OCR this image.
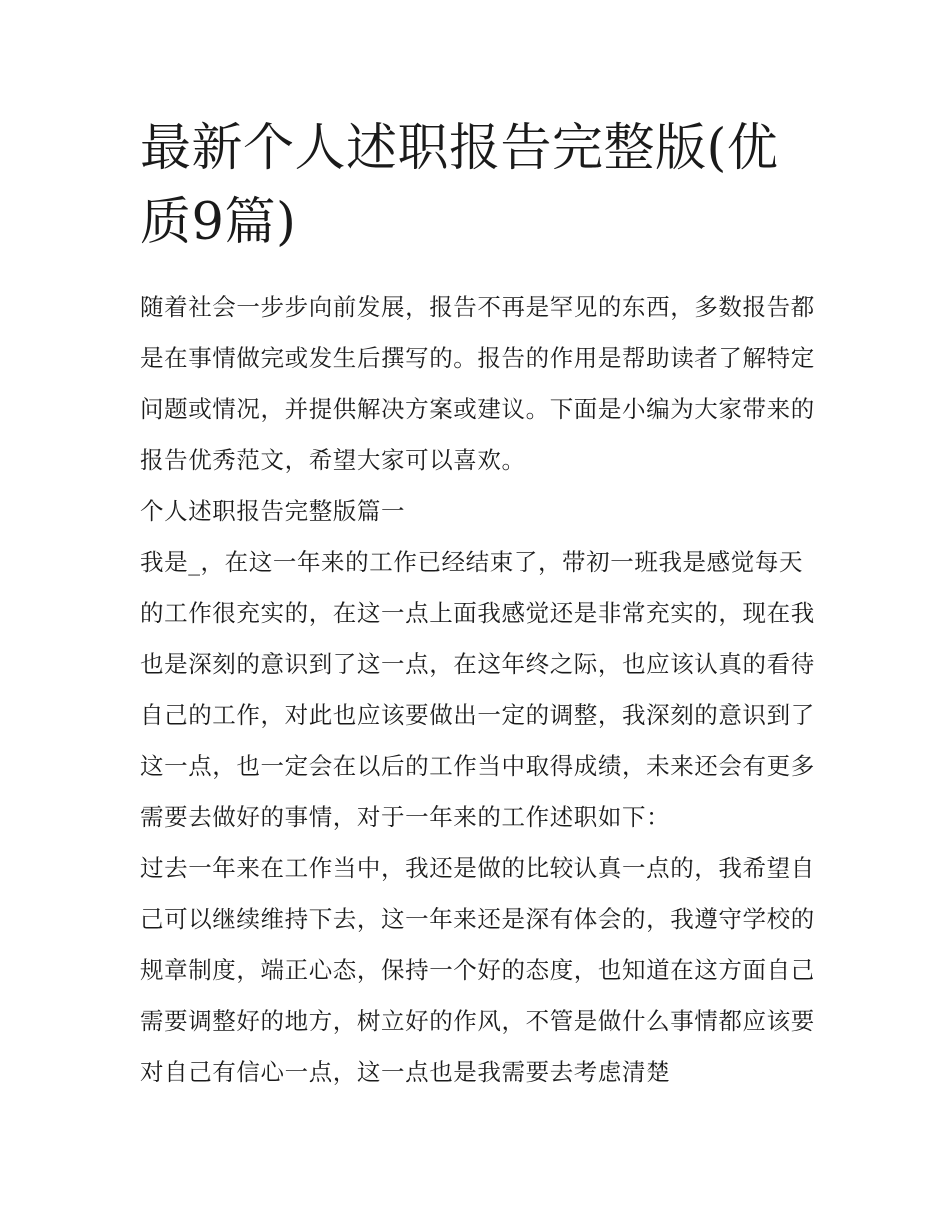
最新个人述职报告完整版(优质9篇)

随着社会一步步向前发展，报告不再是罕见的东西，多数报告都是在事情做完或发生后撰写的。报告的作用是帮助读者了解特定问题或情况，并提供解决方案或建议。下面是小编为大家带来的报告优秀范文，希望大家可以喜欢。

个人述职报告完整版篇一

我是_，在这一年来的工作已经结束了，带初一班我是感觉每天的工作很充实的，在这一点上面我感觉还是非常充实的，现在我也是深刻的意识到了这一点，在这年终之际，也应该认真的看待自己的工作，对此也应该要做出一定的调整，我深刻的意识到了这一点，也一定会在以后的工作当中取得成绩，未来还会有更多需要去做好的事情，对于一年来的工作述职如下：

过去一年来在工作当中，我还是做的比较认真一点的，我希望自己可以继续维持下去，这一年来还是深有体会的，我遵守学校的规章制度，端正心态，保持一个好的态度，也知道在这方面自己需要调整好的地方，树立好的作风，不管是做什么事情都应该要对自己有信心一点，这一点也是我需要去考虑清楚
